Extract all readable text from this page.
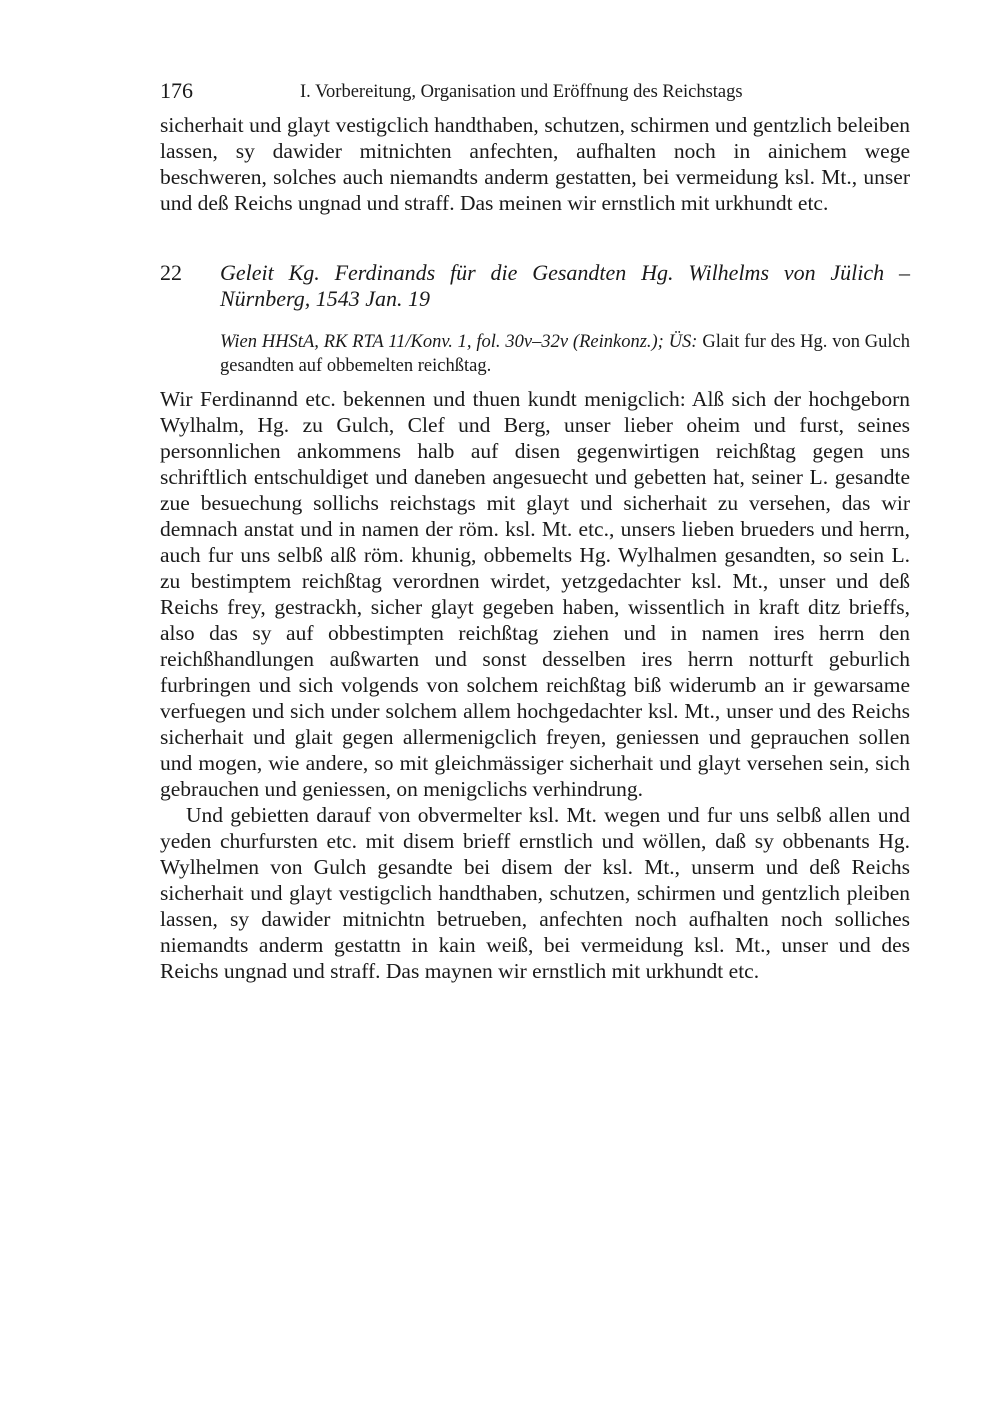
176	I. Vorbereitung, Organisation und Eröffnung des Reichstags

sicherhait und glayt vestigclich handthaben, schutzen, schirmen und gentzlich beleiben lassen, sy dawider mitnichten anfechten, aufhalten noch in ainichem wege beschweren, solches auch niemandts anderm gestatten, bei vermeidung ksl. Mt., unser und deß Reichs ungnad und straff. Das meinen wir ernstlich mit urkhundt etc.

22 Geleit Kg. Ferdinands für die Gesandten Hg. Wilhelms von Jülich – Nürnberg, 1543 Jan. 19
Wien HHStA, RK RTA 11/Konv. 1, fol. 30v–32v (Reinkonz.); ÜS: Glait fur des Hg. von Gulch gesandten auf obbemelten reichßtag.

Wir Ferdinannd etc. bekennen und thuen kundt menigclich: Alß sich der hochgeborn Wylhalm, Hg. zu Gulch, Clef und Berg, unser lieber oheim und furst, seines personnlichen ankommens halb auf disen gegenwirtigen reichßtag gegen uns schriftlich entschuldiget und daneben angesuecht und gebetten hat, seiner L. gesandte zue besuechung sollichs reichstags mit glayt und sicherhait zu versehen, das wir demnach anstat und in namen der röm. ksl. Mt. etc., unsers lieben brueders und herrn, auch fur uns selbß alß röm. khunig, obbemelts Hg. Wylhalmen gesandten, so sein L. zu bestimptem reichßtag verordnen wirdet, yetzgedachter ksl. Mt., unser und deß Reichs frey, gestrackh, sicher glayt gegeben haben, wissentlich in kraft ditz brieffs, also das sy auf obbestimpten reichßtag ziehen und in namen ires herrn den reichßhandlungen außwarten und sonst desselben ires herrn notturft geburlich furbringen und sich volgends von solchem reichßtag biß widerumb an ir gewarsame verfuegen und sich under solchem allem hochgedachter ksl. Mt., unser und des Reichs sicherhait und glait gegen allermenigclich freyen, geniessen und geprauchen sollen und mogen, wie andere, so mit gleichmässiger sicherhait und glayt versehen sein, sich gebrauchen und geniessen, on menigclichs verhindrung.

Und gebietten darauf von obvermelter ksl. Mt. wegen und fur uns selbß allen und yeden churfursten etc. mit disem brieff ernstlich und wöllen, daß sy obbenants Hg. Wylhelmen von Gulch gesandte bei disem der ksl. Mt., unserm und deß Reichs sicherhait und glayt vestigclich handthaben, schutzen, schirmen und gentzlich pleiben lassen, sy dawider mitnichtn betrueben, anfechten noch aufhalten noch solliches niemandts anderm gestattn in kain weiß, bei vermeidung ksl. Mt., unser und des Reichs ungnad und straff. Das maynen wir ernstlich mit urkhundt etc.
